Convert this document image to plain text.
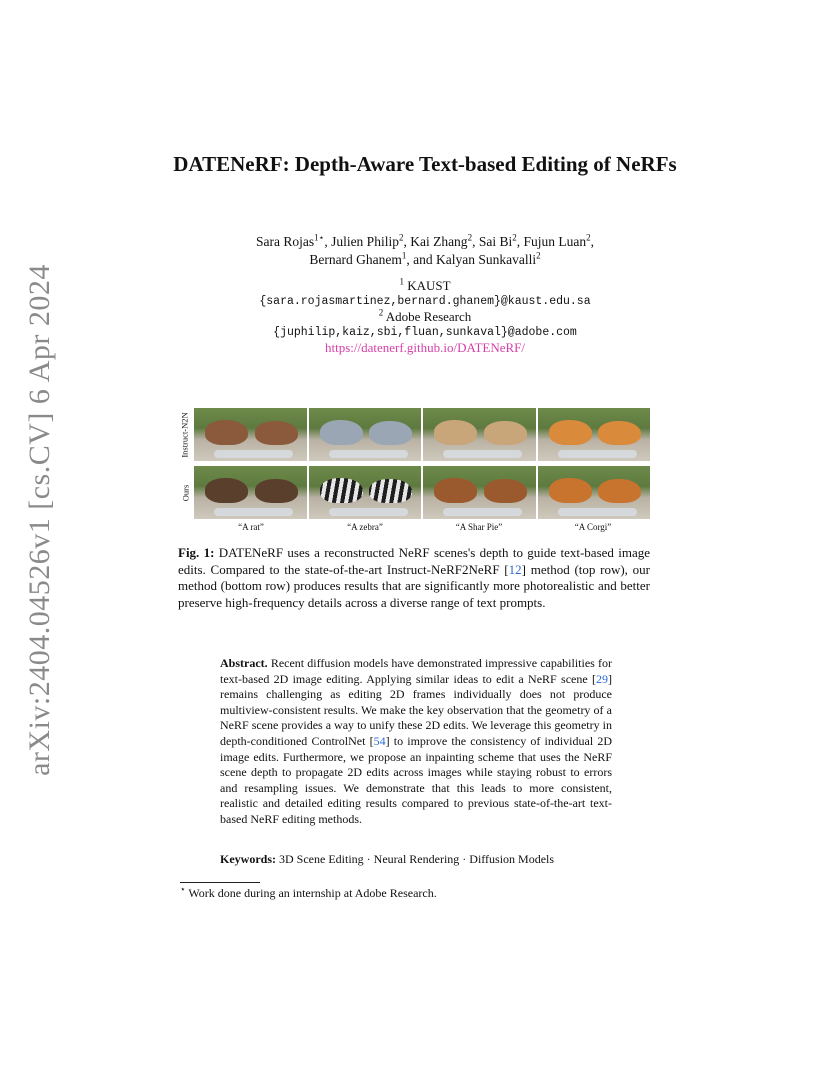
arXiv:2404.04526v1 [cs.CV] 6 Apr 2024
DATENeRF: Depth-Aware Text-based Editing of NeRFs
Sara Rojas$^{1⋆}$, Julien Philip$^2$, Kai Zhang$^2$, Sai Bi$^2$, Fujun Luan$^2$,
Bernard Ghanem$^1$, and Kalyan Sunkavalli$^2$
$^1$ KAUST
{sara.rojasmartinez,bernard.ghanem}@kaust.edu.sa
$^2$ Adobe Research
{juphilip,kaiz,sbi,fluan,sunkaval}@adobe.com
https://datenerf.github.io/DATENeRF/
Instruct-N2N
Ours
“A rat”	“A zebra”	“A Shar Pie”	“A Corgi”
Fig. 1: DATENeRF uses a reconstructed NeRF scenes's depth to guide text-based image edits. Compared to the state-of-the-art Instruct-NeRF2NeRF [12] method (top row), our method (bottom row) produces results that are significantly more photorealistic and better preserve high-frequency details across a diverse range of text prompts.
Abstract. Recent diffusion models have demonstrated impressive capabilities for text-based 2D image editing. Applying similar ideas to edit a NeRF scene [29] remains challenging as editing 2D frames individually does not produce multiview-consistent results. We make the key observation that the geometry of a NeRF scene provides a way to unify these 2D edits. We leverage this geometry in depth-conditioned ControlNet [54] to improve the consistency of individual 2D image edits. Furthermore, we propose an inpainting scheme that uses the NeRF scene depth to propagate 2D edits across images while staying robust to errors and resampling issues. We demonstrate that this leads to more consistent, realistic and detailed editing results compared to previous state-of-the-art text-based NeRF editing methods.
Keywords: 3D Scene Editing · Neural Rendering · Diffusion Models
⋆ Work done during an internship at Adobe Research.
